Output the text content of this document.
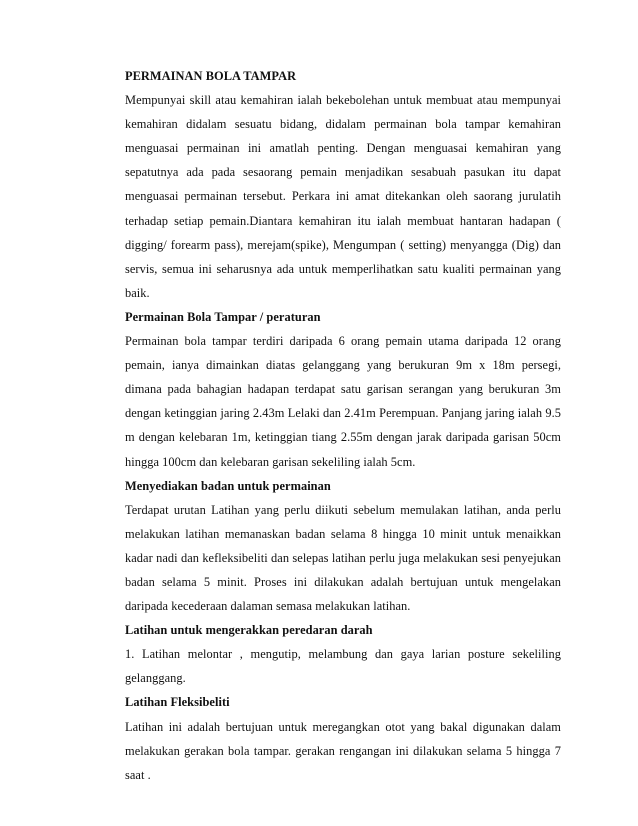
PERMAINAN BOLA TAMPAR

Mempunyai skill atau kemahiran ialah bekebolehan untuk membuat atau mempunyai kemahiran didalam sesuatu bidang, didalam permainan bola tampar kemahiran menguasai permainan ini amatlah penting. Dengan menguasai kemahiran yang sepatutnya ada pada sesaorang pemain menjadikan sesabuah pasukan itu dapat menguasai permainan tersebut. Perkara ini amat ditekankan oleh saorang jurulatih terhadap setiap pemain.Diantara kemahiran itu ialah membuat hantaran hadapan ( digging/ forearm pass), merejam(spike), Mengumpan ( setting) menyangga (Dig) dan servis, semua ini seharusnya ada untuk memperlihatkan satu kualiti permainan yang baik.

Permainan Bola Tampar / peraturan

Permainan bola tampar terdiri daripada 6 orang pemain utama daripada 12 orang pemain, ianya dimainkan diatas gelanggang yang berukuran 9m x 18m persegi, dimana pada bahagian hadapan terdapat satu garisan serangan yang berukuran 3m dengan ketinggian jaring 2.43m Lelaki dan 2.41m Perempuan. Panjang jaring ialah 9.5 m dengan kelebaran 1m, ketinggian tiang 2.55m dengan jarak daripada garisan 50cm hingga 100cm dan kelebaran garisan sekeliling ialah 5cm.

Menyediakan badan untuk permainan

Terdapat urutan Latihan yang perlu diikuti sebelum memulakan latihan, anda perlu melakukan latihan memanaskan badan selama 8 hingga 10 minit untuk menaikkan kadar nadi dan kefleksibeliti dan selepas latihan perlu juga melakukan sesi penyejukan badan selama 5 minit. Proses ini dilakukan adalah bertujuan untuk mengelakan daripada kecederaan dalaman semasa melakukan latihan.

Latihan untuk mengerakkan peredaran darah

1. Latihan melontar , mengutip, melambung dan gaya larian posture sekeliling gelanggang.

Latihan Fleksibeliti

Latihan ini adalah bertujuan untuk meregangkan otot yang bakal digunakan dalam melakukan gerakan bola tampar. gerakan rengangan ini dilakukan selama 5 hingga 7 saat .
